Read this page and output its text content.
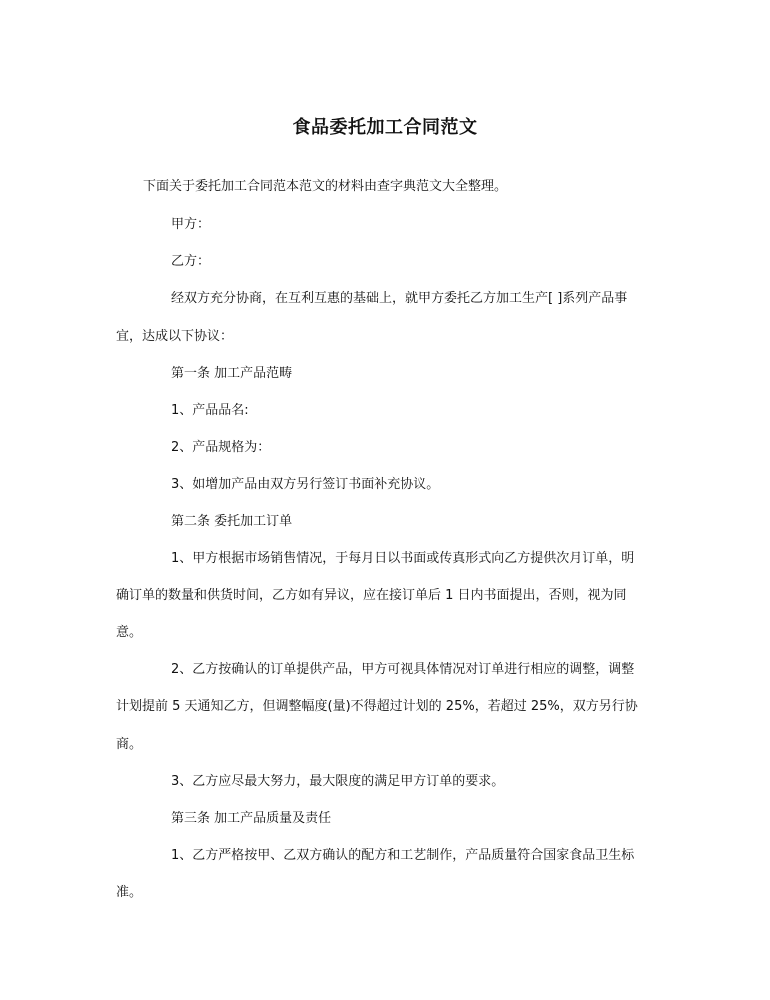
食品委托加工合同范文
下面关于委托加工合同范本范文的材料由查字典范文大全整理。
甲方：
乙方：
经双方充分协商，在互利互惠的基础上，就甲方委托乙方加工生产[ ]系列产品事
宜，达成以下协议：
第一条 加工产品范畴
1、产品品名:
2、产品规格为：
3、如增加产品由双方另行签订书面补充协议。
第二条 委托加工订单
1、甲方根据市场销售情况，于每月日以书面或传真形式向乙方提供次月订单，明
确订单的数量和供货时间，乙方如有异议，应在接订单后 1 日内书面提出，否则，视为同
意。
2、乙方按确认的订单提供产品，甲方可视具体情况对订单进行相应的调整，调整
计划提前 5 天通知乙方，但调整幅度(量)不得超过计划的 25%，若超过 25%，双方另行协
商。
3、乙方应尽最大努力，最大限度的满足甲方订单的要求。
第三条 加工产品质量及责任
1、乙方严格按甲、乙双方确认的配方和工艺制作，产品质量符合国家食品卫生标
准。
